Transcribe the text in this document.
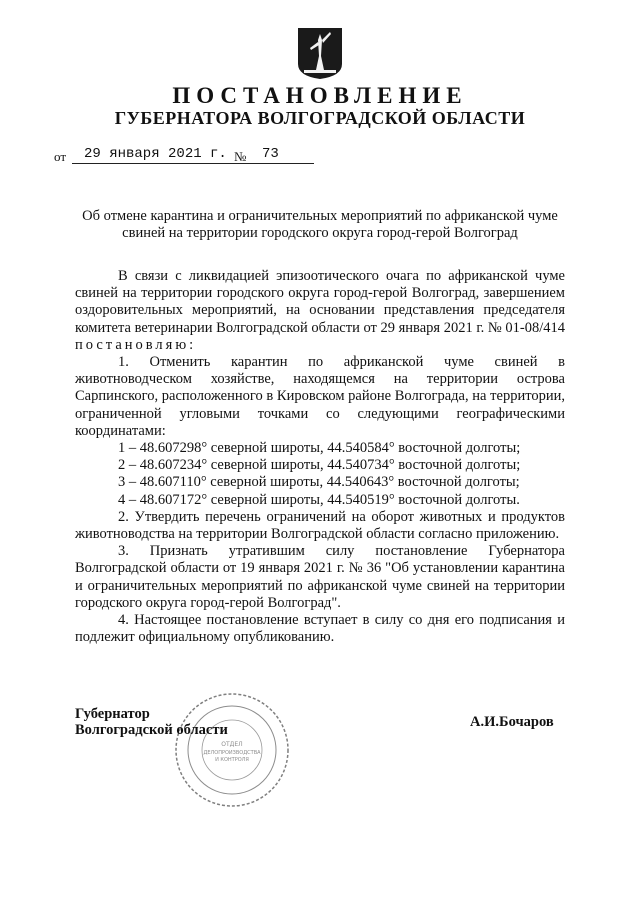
ПОСТАНОВЛЕНИЕ
ГУБЕРНАТОРА ВОЛГОГРАДСКОЙ ОБЛАСТИ
от 29 января 2021 г. № 73
Об отмене карантина и ограничительных мероприятий по африканской чуме свиней на территории городского округа город-герой Волгоград

В связи с ликвидацией эпизоотического очага по африканской чуме свиней на территории городского округа город-герой Волгоград, завершением оздоровительных мероприятий, на основании представления председателя комитета ветеринарии Волгоградской области от 29 января 2021 г. № 01-08/414 постановляю:

1. Отменить карантин по африканской чуме свиней в животноводческом хозяйстве, находящемся на территории острова Сарпинского, расположенного в Кировском районе Волгограда, на территории, ограниченной угловыми точками со следующими географическими координатами:

1 – 48.607298° северной широты, 44.540584° восточной долготы;

2 – 48.607234° северной широты, 44.540734° восточной долготы;

3 – 48.607110° северной широты, 44.540643° восточной долготы;

4 – 48.607172° северной широты, 44.540519° восточной долготы.

2. Утвердить перечень ограничений на оборот животных и продуктов животноводства на территории Волгоградской области согласно приложению.

3. Признать утратившим силу постановление Губернатора Волгоградской области от 19 января 2021 г. № 36 "Об установлении карантина и ограничительных мероприятий по африканской чуме свиней на территории городского округа город-герой Волгоград".

4. Настоящее постановление вступает в силу со дня его подписания и подлежит официальному опубликованию.

ОТДЕЛ
ДЕЛОПРОИЗВОДСТВА
И КОНТРОЛЯ
Губернатор
Волгоградской области	А.И.Бочаров
